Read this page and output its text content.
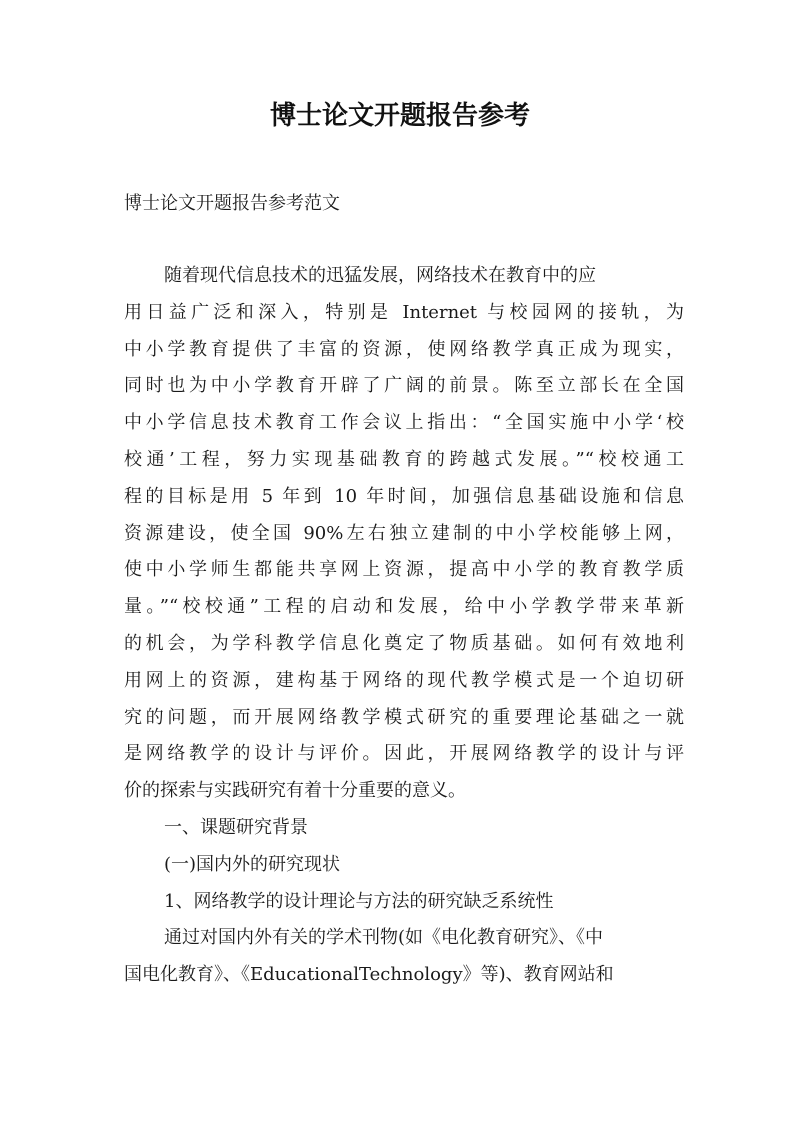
博士论文开题报告参考

博士论文开题报告参考范文

随着现代信息技术的迅猛发展，网络技术在教育中的应
用日益广泛和深入，特别是 Internet 与校园网的接轨，为
中小学教育提供了丰富的资源，使网络教学真正成为现实，
同时也为中小学教育开辟了广阔的前景。陈至立部长在全国
中小学信息技术教育工作会议上指出：“全国实施中小学‘校
校通’工程，努力实现基础教育的跨越式发展。”“校校通工
程的目标是用 5 年到 10 年时间，加强信息基础设施和信息
资源建设，使全国 90%左右独立建制的中小学校能够上网，
使中小学师生都能共享网上资源，提高中小学的教育教学质
量。”“校校通”工程的启动和发展，给中小学教学带来革新
的机会，为学科教学信息化奠定了物质基础。如何有效地利
用网上的资源，建构基于网络的现代教学模式是一个迫切研
究的问题，而开展网络教学模式研究的重要理论基础之一就
是网络教学的设计与评价。因此，开展网络教学的设计与评
价的探索与实践研究有着十分重要的意义。
一、课题研究背景
(一)国内外的研究现状
1、网络教学的设计理论与方法的研究缺乏系统性
通过对国内外有关的学术刊物(如《电化教育研究》、《中
国电化教育》、《EducationalTechnology》等)、教育网站和
